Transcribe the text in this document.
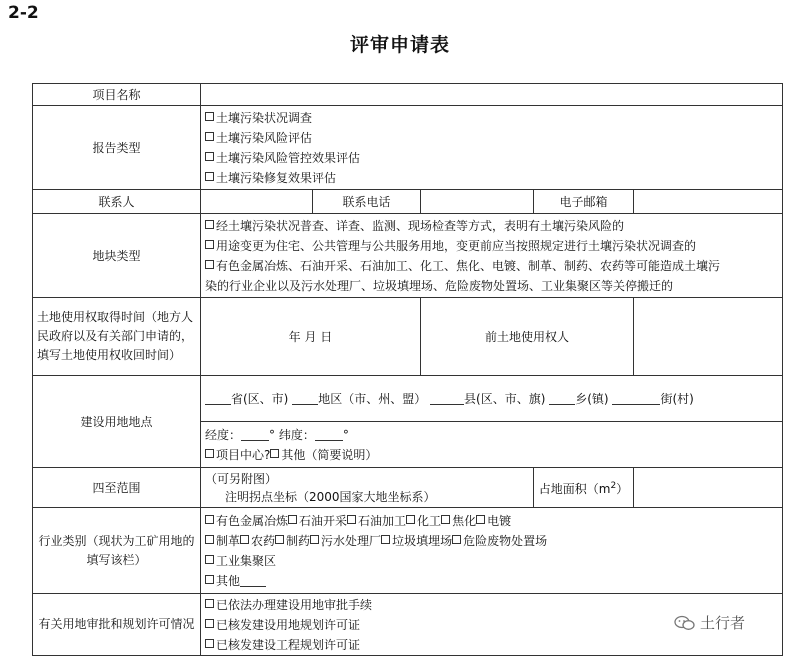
2-2
评审申请表
项目名称					
报告类型	土壤污染状况调查
土壤污染风险评估
土壤污染风险管控效果评估
土壤污染修复效果评估				

联系人		联系电话		电子邮箱	
地块类型	经土壤污染状况普查、详查、监测、现场检查等方式，表明有土壤污染风险的
用途变更为住宅、公共管理与公共服务用地，变更前应当按照规定进行土壤污染状况调查的
有色金属冶炼、石油开采、石油加工、化工、焦化、电镀、制革、制药、农药等可能造成土壤污
染的行业企业以及污水处理厂、垃圾填埋场、危险废物处置场、工业集聚区等关停搬迁的				

土地使用权取得时间（地方人民政府以及有关部门申请的，填写土地使用权收回时间）	年 月 日		前土地使用权人		
建设用地地点	省(区、市) 地区（市、州、盟） 县(区、市、旗) 乡(镇) 街(村)				

	经度： ° 纬度： °
项目中心? 其他（简要说明）				

四至范围	（可另附图）
注明拐点坐标（2000国家大地坐标系）			占地面积$(m^2)$	
行业类别（现状为工矿用地的填写该栏）	有色金属冶炼 石油开采 石油加工 化工 焦化 电镀
制革 农药 制药 污水处理厂 垃圾填埋场 危险废物处置场
工业集聚区
其他				

有关用地审批和规划许可情况	已依法办理建设用地审批手续
已核发建设用地规划许可证
已核发建设工程规划许可证				
土行者
